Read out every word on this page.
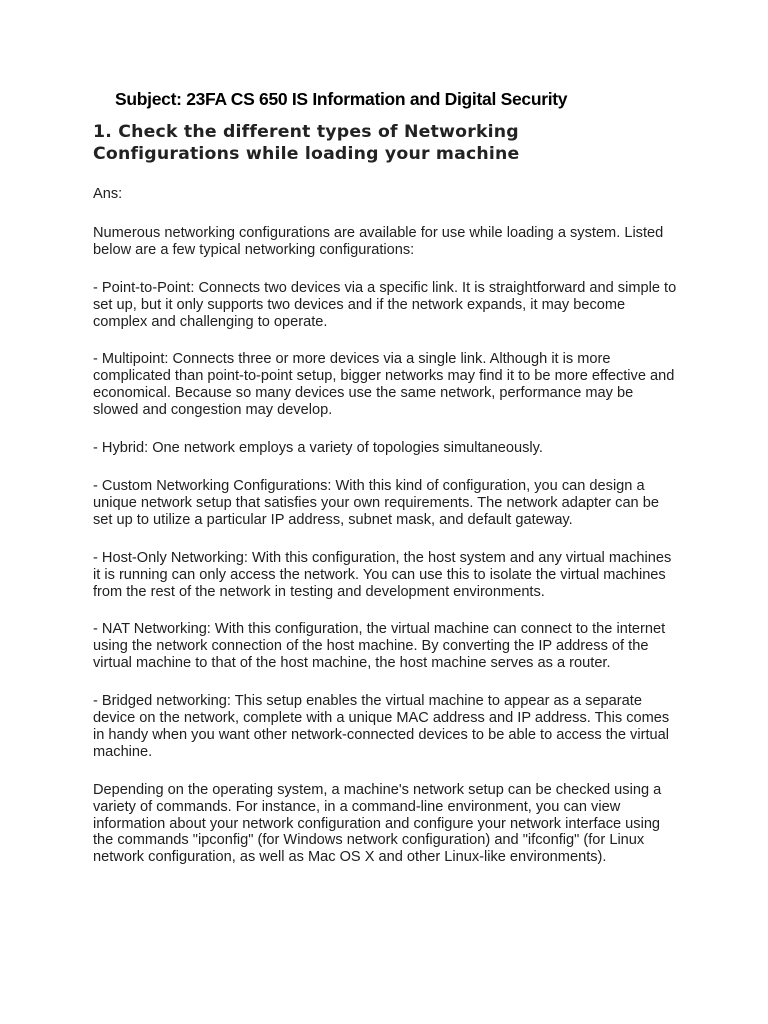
Subject: 23FA CS 650 IS Information and Digital Security
1. Check the different types of Networking Configurations while loading your machine

Ans:

Numerous networking configurations are available for use while loading a system. Listed below are a few typical networking configurations:

- Point-to-Point: Connects two devices via a specific link. It is straightforward and simple to set up, but it only supports two devices and if the network expands, it may become complex and challenging to operate.

- Multipoint: Connects three or more devices via a single link. Although it is more complicated than point-to-point setup, bigger networks may find it to be more effective and economical. Because so many devices use the same network, performance may be slowed and congestion may develop.

- Hybrid: One network employs a variety of topologies simultaneously.

- Custom Networking Configurations: With this kind of configuration, you can design a unique network setup that satisfies your own requirements. The network adapter can be set up to utilize a particular IP address, subnet mask, and default gateway.

- Host-Only Networking: With this configuration, the host system and any virtual machines it is running can only access the network. You can use this to isolate the virtual machines from the rest of the network in testing and development environments.

- NAT Networking: With this configuration, the virtual machine can connect to the internet using the network connection of the host machine. By converting the IP address of the virtual machine to that of the host machine, the host machine serves as a router.

- Bridged networking: This setup enables the virtual machine to appear as a separate device on the network, complete with a unique MAC address and IP address. This comes in handy when you want other network-connected devices to be able to access the virtual machine.

Depending on the operating system, a machine's network setup can be checked using a variety of commands. For instance, in a command-line environment, you can view information about your network configuration and configure your network interface using the commands "ipconfig" (for Windows network configuration) and "ifconfig" (for Linux network configuration, as well as Mac OS X and other Linux-like environments).
